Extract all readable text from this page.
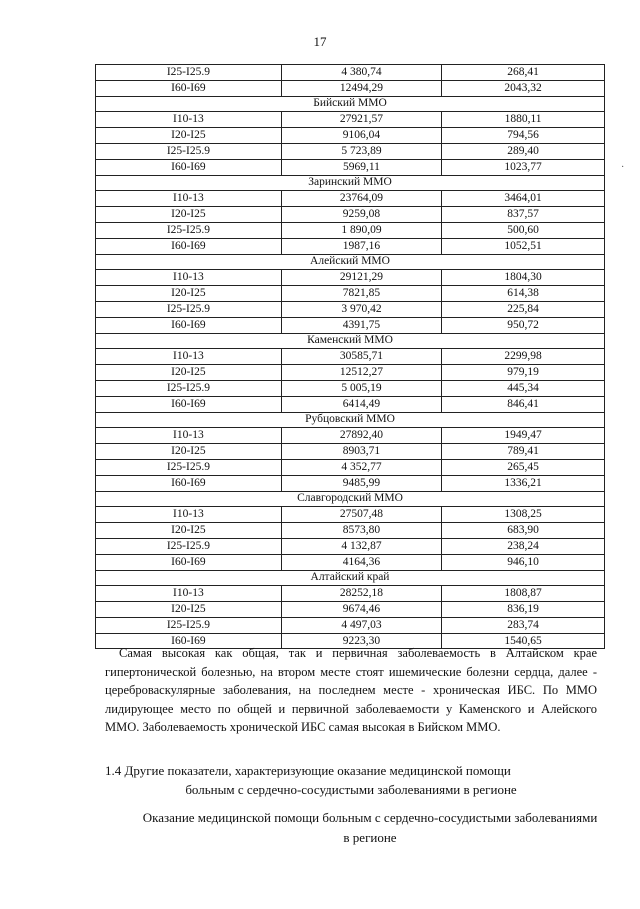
17
I25-I25.9	4 380,74	268,41
I60-I69	12494,29	2043,32
Бийский ММО		
I10-13	27921,57	1880,11
I20-I25	9106,04	794,56
I25-I25.9	5 723,89	289,40
I60-I69	5969,11	1023,77
Заринский ММО		
I10-13	23764,09	3464,01
I20-I25	9259,08	837,57
I25-I25.9	1 890,09	500,60
I60-I69	1987,16	1052,51
Алейский ММО		
I10-13	29121,29	1804,30
I20-I25	7821,85	614,38
I25-I25.9	3 970,42	225,84
I60-I69	4391,75	950,72
Каменский ММО		
I10-13	30585,71	2299,98
I20-I25	12512,27	979,19
I25-I25.9	5 005,19	445,34
I60-I69	6414,49	846,41
Рубцовский ММО		
I10-13	27892,40	1949,47
I20-I25	8903,71	789,41
I25-I25.9	4 352,77	265,45
I60-I69	9485,99	1336,21
Славгородский ММО		
I10-13	27507,48	1308,25
I20-I25	8573,80	683,90
I25-I25.9	4 132,87	238,24
I60-I69	4164,36	946,10
Алтайский край		
I10-13	28252,18	1808,87
I20-I25	9674,46	836,19
I25-I25.9	4 497,03	283,74
I60-I69	9223,30	1540,65

Самая высокая как общая, так и первичная заболеваемость в Алтайском крае гипертонической болезнью, на втором месте стоят ишемические болезни сердца, далее - цереброваскулярные заболевания, на последнем месте - хроническая ИБС. По ММО лидирующее место по общей и первичной заболеваемости у Каменского и Алейского ММО. Заболеваемость хронической ИБС самая высокая в Бийском ММО.

1.4 Другие показатели, характеризующие оказание медицинской помощи
больным с сердечно-сосудистыми заболеваниями в регионе

Оказание медицинской помощи больным с сердечно-сосудистыми заболеваниями в регионе

·
